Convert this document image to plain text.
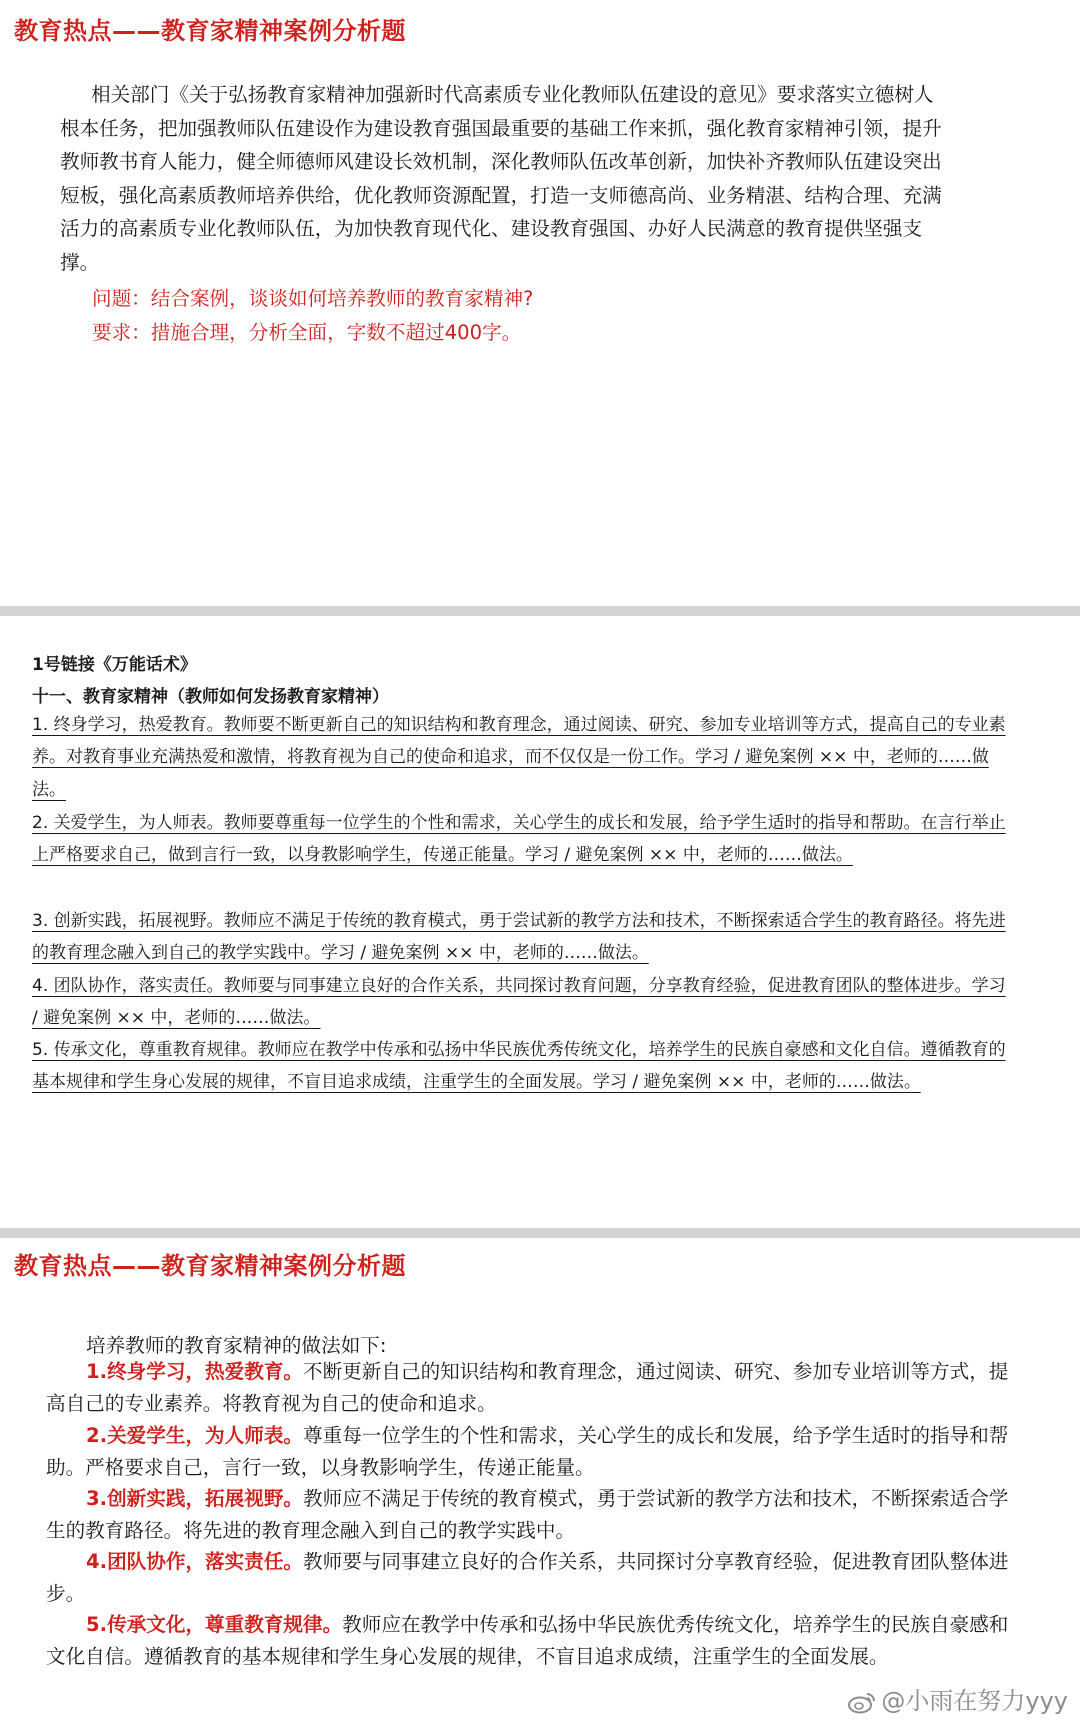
教育热点——教育家精神案例分析题
相关部门《关于弘扬教育家精神加强新时代高素质专业化教师队伍建设的意见》要求落实立德树人根本任务，把加强教师队伍建设作为建设教育强国最重要的基础工作来抓，强化教育家精神引领，提升教师教书育人能力，健全师德师风建设长效机制，深化教师队伍改革创新，加快补齐教师队伍建设突出短板，强化高素质教师培养供给，优化教师资源配置，打造一支师德高尚、业务精湛、结构合理、充满活力的高素质专业化教师队伍，为加快教育现代化、建设教育强国、办好人民满意的教育提供坚强支撑。
问题：结合案例，谈谈如何培养教师的教育家精神?
要求：措施合理，分析全面，字数不超过400字。
1号链接《万能话术》
十一、教育家精神（教师如何发扬教育家精神）
1. 终身学习，热爱教育。教师要不断更新自己的知识结构和教育理念，通过阅读、研究、参加专业培训等方式，提高自己的专业素养。对教育事业充满热爱和激情，将教育视为自己的使命和追求，而不仅仅是一份工作。学习 / 避免案例 ×× 中，老师的……做法。
2. 关爱学生，为人师表。教师要尊重每一位学生的个性和需求，关心学生的成长和发展，给予学生适时的指导和帮助。在言行举止上严格要求自己，做到言行一致，以身教影响学生，传递正能量。学习 / 避免案例 ×× 中，老师的……做法。
3. 创新实践，拓展视野。教师应不满足于传统的教育模式，勇于尝试新的教学方法和技术，不断探索适合学生的教育路径。将先进的教育理念融入到自己的教学实践中。学习 / 避免案例 ×× 中，老师的……做法。
4. 团队协作，落实责任。教师要与同事建立良好的合作关系，共同探讨教育问题，分享教育经验，促进教育团队的整体进步。学习 / 避免案例 ×× 中，老师的……做法。
5. 传承文化，尊重教育规律。教师应在教学中传承和弘扬中华民族优秀传统文化，培养学生的民族自豪感和文化自信。遵循教育的基本规律和学生身心发展的规律，不盲目追求成绩，注重学生的全面发展。学习 / 避免案例 ×× 中，老师的……做法。
教育热点——教育家精神案例分析题
培养教师的教育家精神的做法如下:
1.终身学习，热爱教育。不断更新自己的知识结构和教育理念，通过阅读、研究、参加专业培训等方式，提高自己的专业素养。将教育视为自己的使命和追求。
2.关爱学生，为人师表。尊重每一位学生的个性和需求，关心学生的成长和发展，给予学生适时的指导和帮助。严格要求自己，言行一致，以身教影响学生，传递正能量。
3.创新实践，拓展视野。教师应不满足于传统的教育模式，勇于尝试新的教学方法和技术，不断探索适合学生的教育路径。将先进的教育理念融入到自己的教学实践中。
4.团队协作，落实责任。教师要与同事建立良好的合作关系，共同探讨分享教育经验，促进教育团队整体进步。
5.传承文化，尊重教育规律。教师应在教学中传承和弘扬中华民族优秀传统文化，培养学生的民族自豪感和文化自信。遵循教育的基本规律和学生身心发展的规律，不盲目追求成绩，注重学生的全面发展。
@小雨在努力yyy
